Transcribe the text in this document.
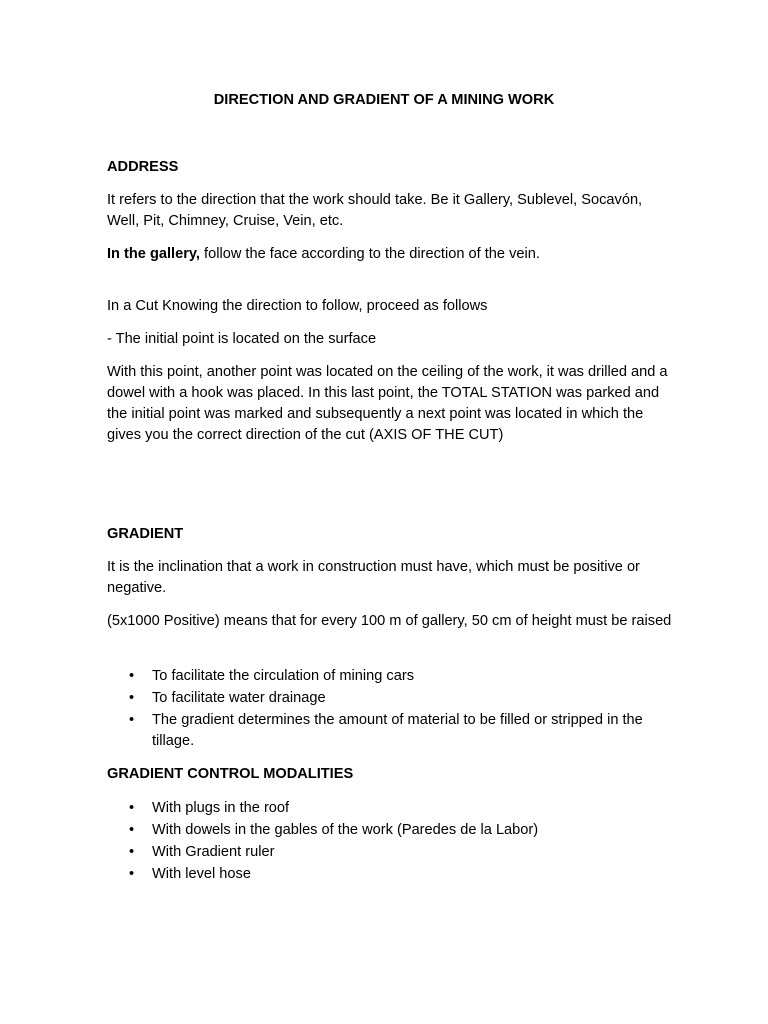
DIRECTION AND GRADIENT OF A MINING WORK
ADDRESS

It refers to the direction that the work should take. Be it Gallery, Sublevel, Socavón, Well, Pit, Chimney, Cruise, Vein, etc.

In the gallery, follow the face according to the direction of the vein.

In a Cut Knowing the direction to follow, proceed as follows

- The initial point is located on the surface

With this point, another point was located on the ceiling of the work, it was drilled and a dowel with a hook was placed. In this last point, the TOTAL STATION was parked and the initial point was marked and subsequently a next point was located in which the gives you the correct direction of the cut (AXIS OF THE CUT)

GRADIENT

It is the inclination that a work in construction must have, which must be positive or negative.

(5x1000 Positive) means that for every 100 m of gallery, 50 cm of height must be raised

• To facilitate the circulation of mining cars
• To facilitate water drainage
• The gradient determines the amount of material to be filled or stripped in the tillage.
GRADIENT CONTROL MODALITIES
• With plugs in the roof
• With dowels in the gables of the work (Paredes de la Labor)
• With Gradient ruler
• With level hose
